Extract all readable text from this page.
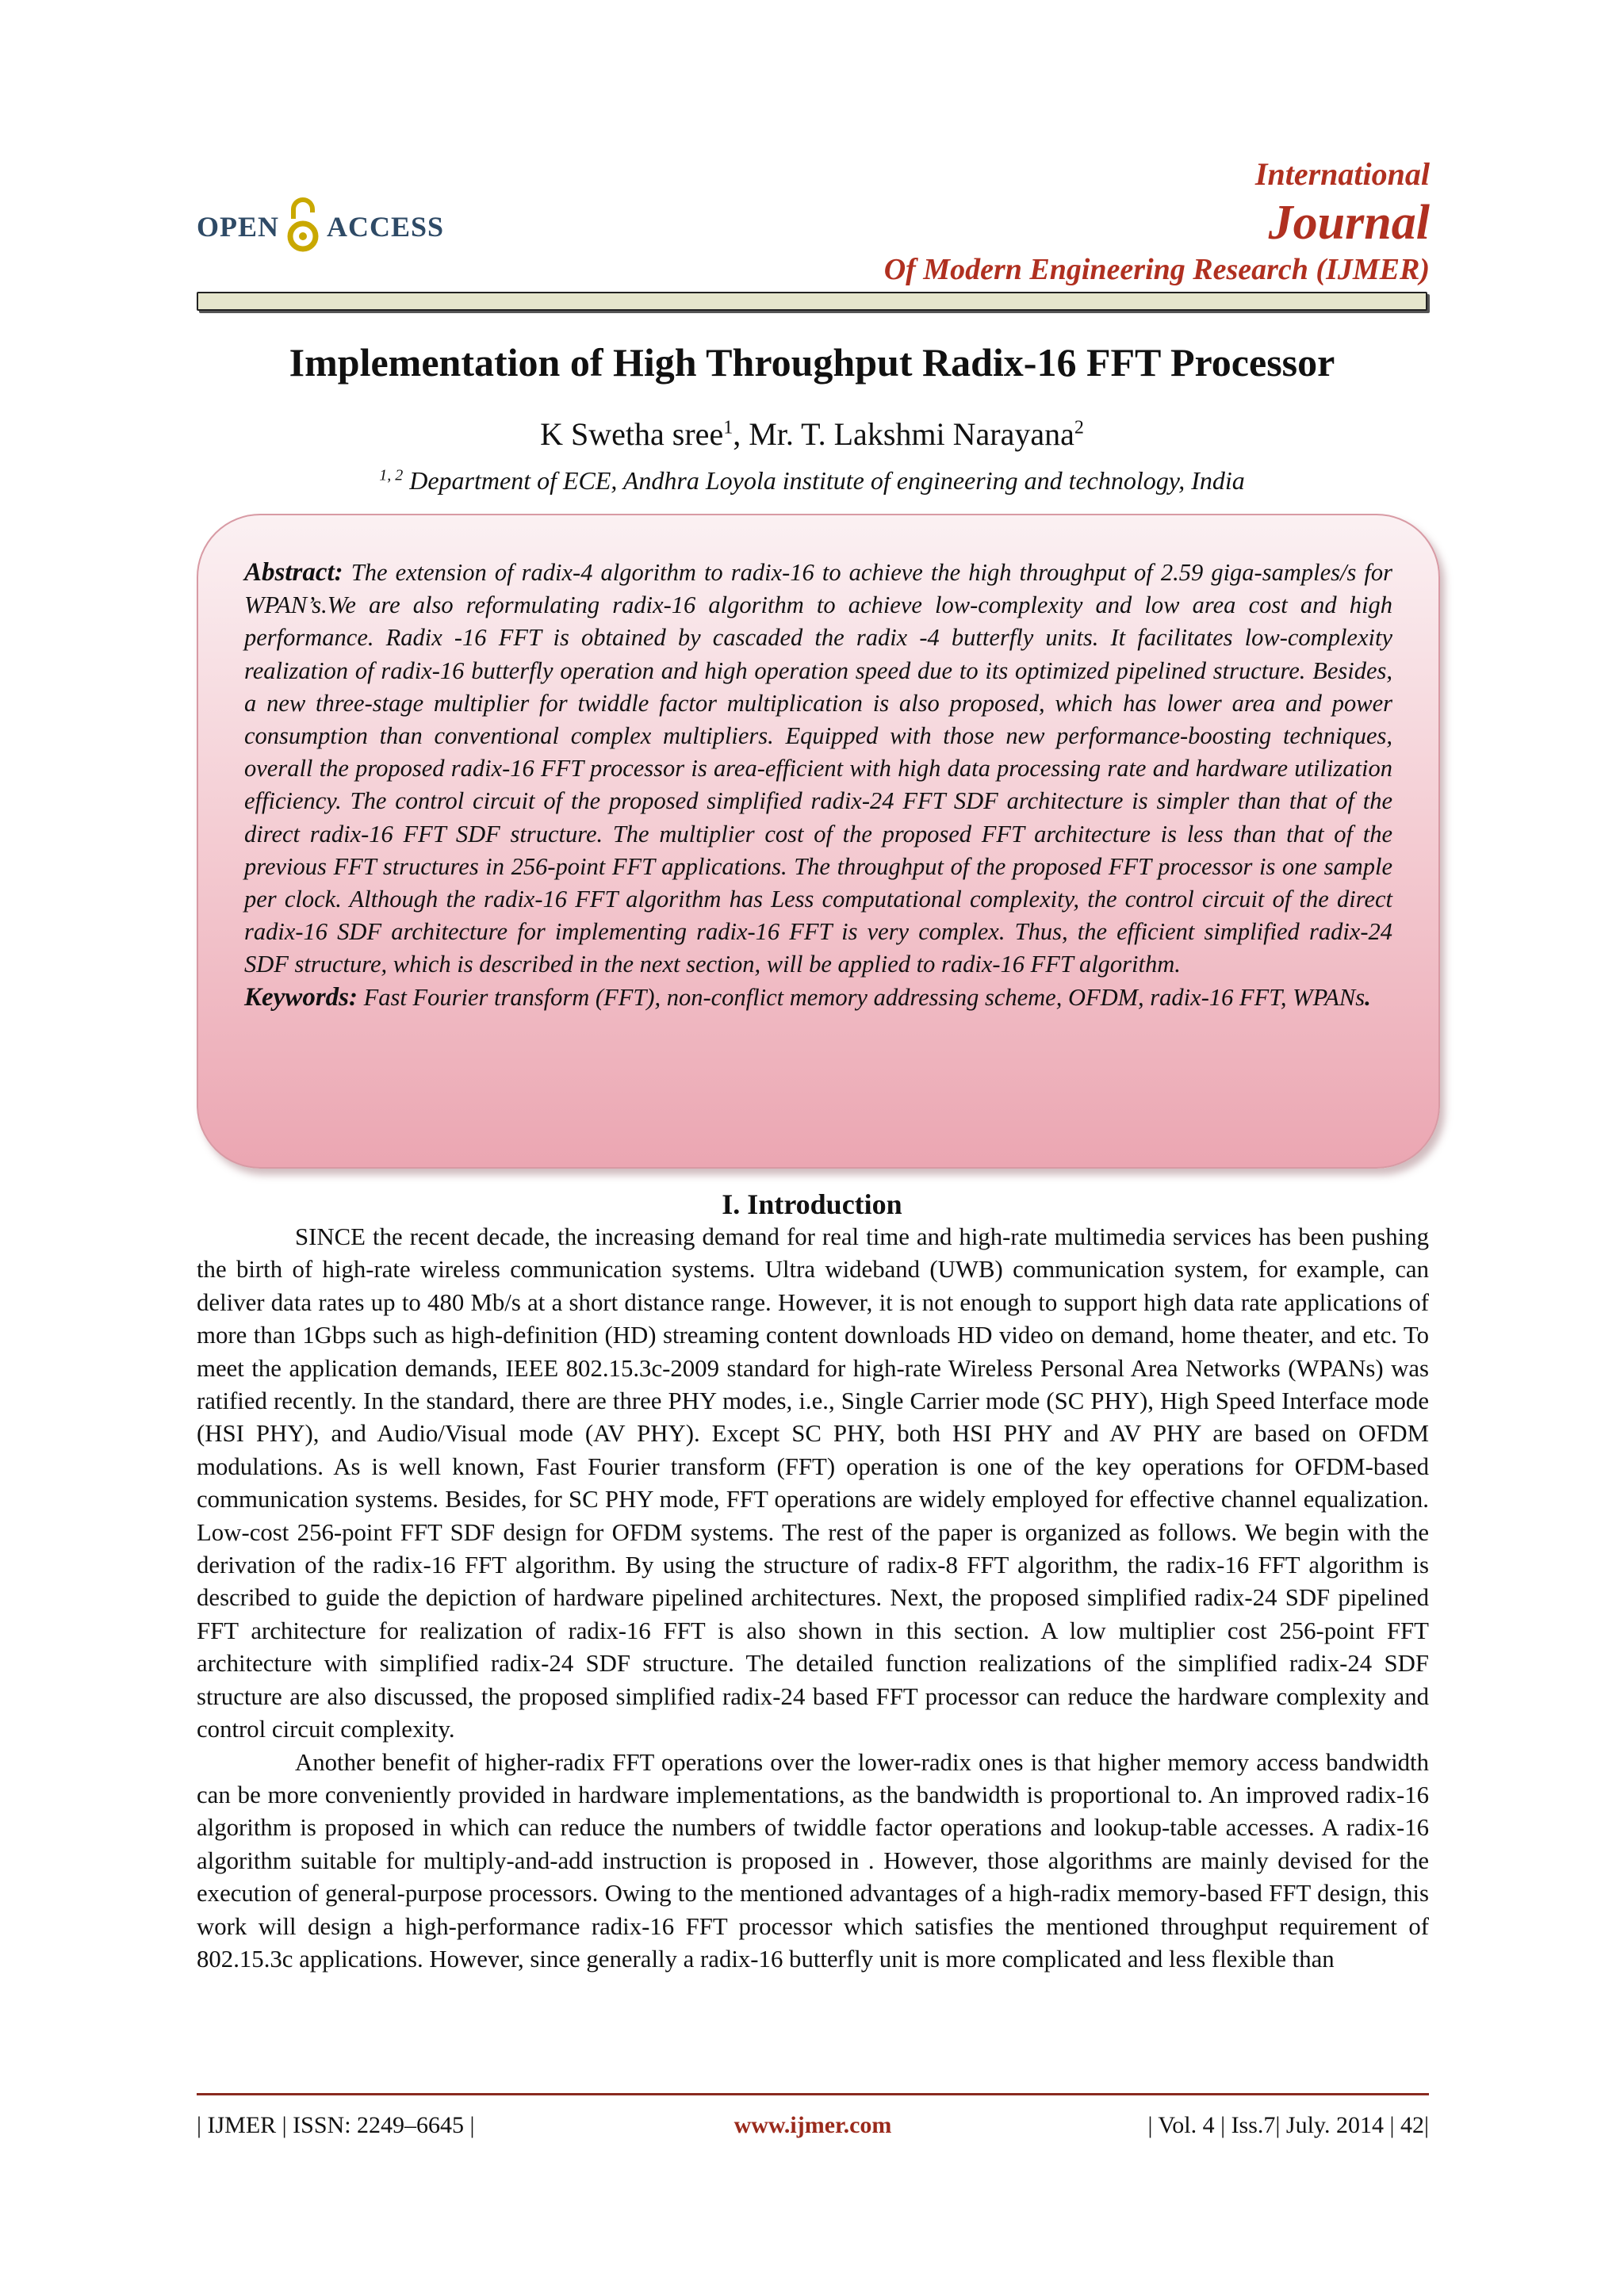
OPEN ACCESS
International
Journal
Of Modern Engineering Research (IJMER)
Implementation of High Throughput Radix-16 FFT Processor
K Swetha sree$^1$, Mr. T. Lakshmi Narayana$^2$
$^{1, 2}$ Department of ECE, Andhra Loyola institute of engineering and technology, India

Abstract: The extension of radix-4 algorithm to radix-16 to achieve the high throughput of 2.59 giga-samples/s for WPAN’s.We are also reformulating radix-16 algorithm to achieve low-complexity and low area cost and high performance. Radix -16 FFT is obtained by cascaded the radix -4 butterfly units. It facilitates low-complexity realization of radix-16 butterfly operation and high operation speed due to its optimized pipelined structure. Besides, a new three-stage multiplier for twiddle factor multiplication is also proposed, which has lower area and power consumption than conventional complex multipliers. Equipped with those new performance-boosting techniques, overall the proposed radix-16 FFT processor is area-efficient with high data processing rate and hardware utilization efficiency. The control circuit of the proposed simplified radix-24 FFT SDF architecture is simpler than that of the direct radix-16 FFT SDF structure. The multiplier cost of the proposed FFT architecture is less than that of the previous FFT structures in 256-point FFT applications. The throughput of the proposed FFT processor is one sample per clock. Although the radix-16 FFT algorithm has Less computational complexity, the control circuit of the direct radix-16 SDF architecture for implementing radix-16 FFT is very complex. Thus, the efficient simplified radix-24 SDF structure, which is described in the next section, will be applied to radix-16 FFT algorithm.

Keywords: Fast Fourier transform (FFT), non-conflict memory addressing scheme, OFDM, radix-16 FFT, WPANs.

I. Introduction

SINCE the recent decade, the increasing demand for real time and high-rate multimedia services has been pushing the birth of high-rate wireless communication systems. Ultra wideband (UWB) communication system, for example, can deliver data rates up to 480 Mb/s at a short distance range. However, it is not enough to support high data rate applications of more than 1Gbps such as high-definition (HD) streaming content downloads HD video on demand, home theater, and etc. To meet the application demands, IEEE 802.15.3c-2009 standard for high-rate Wireless Personal Area Networks (WPANs) was ratified recently. In the standard, there are three PHY modes, i.e., Single Carrier mode (SC PHY), High Speed Interface mode (HSI PHY), and Audio/Visual mode (AV PHY). Except SC PHY, both HSI PHY and AV PHY are based on OFDM modulations. As is well known, Fast Fourier transform (FFT) operation is one of the key operations for OFDM-based communication systems. Besides, for SC PHY mode, FFT operations are widely employed for effective channel equalization. Low-cost 256-point FFT SDF design for OFDM systems. The rest of the paper is organized as follows. We begin with the derivation of the radix-16 FFT algorithm. By using the structure of radix-8 FFT algorithm, the radix-16 FFT algorithm is described to guide the depiction of hardware pipelined architectures. Next, the proposed simplified radix-24 SDF pipelined FFT architecture for realization of radix-16 FFT is also shown in this section. A low multiplier cost 256-point FFT architecture with simplified radix-24 SDF structure. The detailed function realizations of the simplified radix-24 SDF structure are also discussed, the proposed simplified radix-24 based FFT processor can reduce the hardware complexity and control circuit complexity.

Another benefit of higher-radix FFT operations over the lower-radix ones is that higher memory access bandwidth can be more conveniently provided in hardware implementations, as the bandwidth is proportional to. An improved radix-16 algorithm is proposed in which can reduce the numbers of twiddle factor operations and lookup-table accesses. A radix-16 algorithm suitable for multiply-and-add instruction is proposed in . However, those algorithms are mainly devised for the execution of general-purpose processors. Owing to the mentioned advantages of a high-radix memory-based FFT design, this work will design a high-performance radix-16 FFT processor which satisfies the mentioned throughput requirement of 802.15.3c applications. However, since generally a radix-16 butterfly unit is more complicated and less flexible than

| IJMER | ISSN: 2249–6645 |	www.ijmer.com	| Vol. 4 | Iss.7| July. 2014 | 42|
